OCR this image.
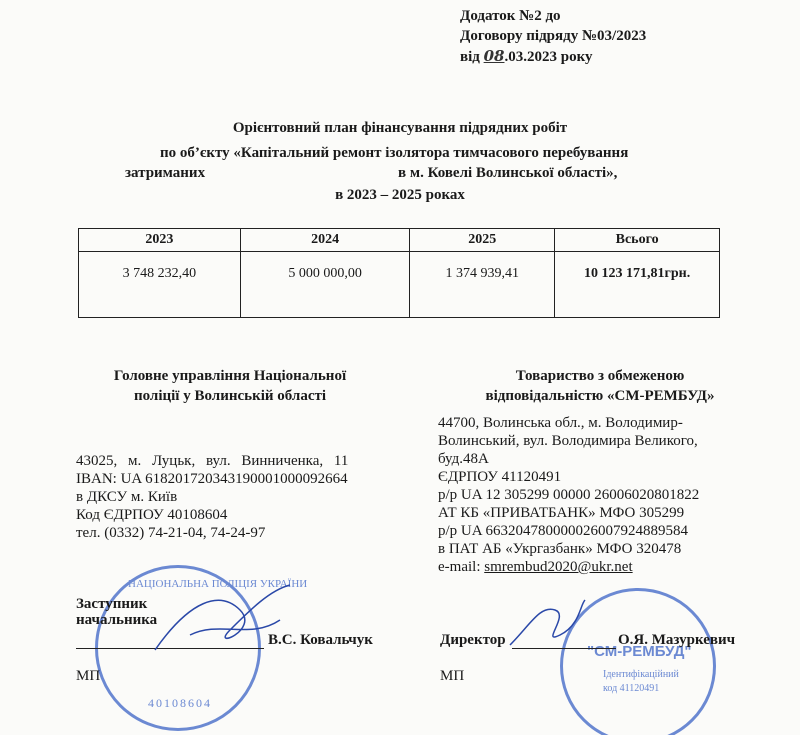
Додаток №2 до
Договору підряду №03/2023
від 08.03.2023 року
Орієнтовний план фінансування підрядних робіт
по об’єкту «Капітальний ремонт ізолятора тимчасового перебування
затриманих	в м. Ковелі Волинської області»,
в 2023 – 2025 роках
2023	2024	2025	Всього
3 748 232,40	5 000 000,00	1 374 939,41	10 123 171,81грн.
Головне управління Національної
поліції у Волинській області
43025, м. Луцьк, вул. Винниченка, 11
IBAN: UA 618201720343190001000092664
в ДКСУ м. Київ
Код ЄДРПОУ 40108604
тел. (0332) 74-21-04, 74-24-97
НАЦІОНАЛЬНА ПОЛІЦІЯ УКРАЇНИ
40108604
Заступник
начальника
В.С. Ковальчук
МП
Товариство з обмеженою
відповідальністю «СМ-РЕМБУД»
44700, Волинська обл., м. Володимир-
Волинський, вул. Володимира Великого,
буд.48А
ЄДРПОУ 41120491
р/р UA 12 305299 00000 26006020801822
АТ КБ «ПРИВАТБАНК» МФО 305299
р/р UA 663204780000026007924889584
в ПАТ АБ «Укргазбанк» МФО 320478
e-mail: smrembud2020@ukr.net
"СМ-РЕМБУД"
Ідентифікаційний
код 41120491
Директор	О.Я. Мазуркевич
МП
